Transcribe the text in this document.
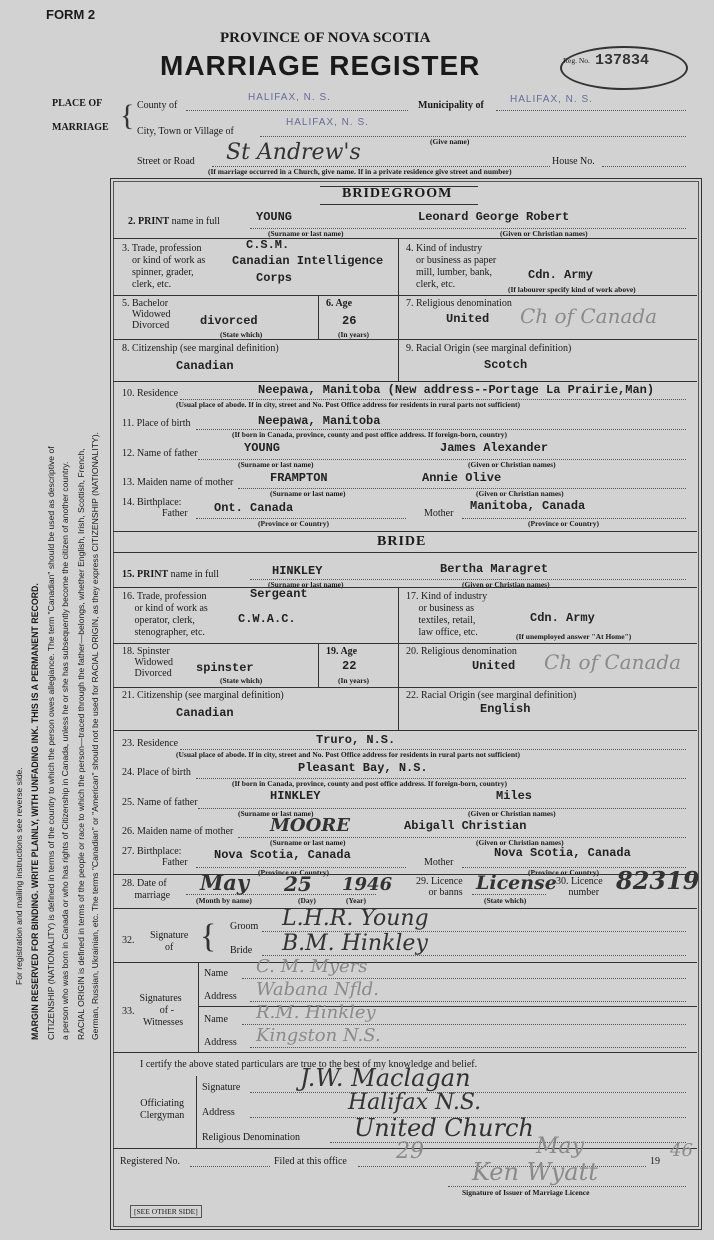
For registration and mailing instructions see reverse side. MARGIN RESERVED FOR BINDING. WRITE PLAINLY, WITH UNFADING INK. THIS IS A PERMANENT RECORD. CITIZENSHIP (NATIONALITY) is defined in terms of the country to which the person owes allegiance. The term "Canadian" should be used as descriptive of a person who was born in Canada or who has rights of Citizenship in Canada, unless he or she has subsequently become the citizen of another country. RACIAL ORIGIN is defined in terms of the people or race to which the person—traced through the father—belongs, whether English, Irish, Scottish, French, German, Russian, Ukrainian, etc. The terms "Canadian" or "American" should not be used for RACIAL ORIGIN, as they express CITIZENSHIP (NATIONALITY).
FORM 2
PROVINCE OF NOVA SCOTIA
MARRIAGE REGISTER	Reg. No. 137834
PLACE OF
MARRIAGE { County of
HALIFAX, N. S.
Municipality of
HALIFAX, N. S.
City, Town or Village of
HALIFAX, N. S.
(Give name)
Street or Road St Andrew's	House No.
(If marriage occurred in a Church, give name. If in a private residence give street and number)
BRIDEGROOM
2. PRINT name in full	YOUNG	Leonard George Robert
(Surname or last name)	(Given or Christian names)
3. Trade, profession
or kind of work as
spinner, grader,
clerk, etc.
C.S.M.
Canadian Intelligence
Corps
4. Kind of industry
or business as paper
mill, lumber, bank,
clerk, etc.
Cdn. Army
(If labourer specify kind of work above)
5. Bachelor
Widowed
Divorced	divorced
(State which)
6. Age
26
(In years)
7. Religious denomination
United Ch of Canada
8. Citizenship (see marginal definition)
Canadian
9. Racial Origin (see marginal definition)
Scotch
10. Residence	Neepawa, Manitoba (New address--Portage La Prairie,Man)
(Usual place of abode. If in city, street and No. Post Office address for residents in rural parts not sufficient)
11. Place of birth	Neepawa, Manitoba
(If born in Canada, province, county and post office address. If foreign-born, country)
12. Name of father	YOUNG	James Alexander
(Surname or last name)	(Given or Christian names)
13. Maiden name of mother	FRAMPTON	Annie Olive
(Surname or last name)	(Given or Christian names)
14. Birthplace:
Father Ont. Canada
(Province or Country)
Mother
Manitoba, Canada
(Province or Country)
BRIDE
15. PRINT name in full	HINKLEY	Bertha Maragret
(Surname or last name)	(Given or Christian names)
16. Trade, profession
or kind of work as
operator, clerk,
stenographer, etc.
Sergeant
C.W.A.C.
17. Kind of industry
or business as
textiles, retail,
law office, etc.
Cdn. Army
(If unemployed answer "At Home")
18. Spinster
Widowed
Divorced spinster
(State which)
19. Age
22
(In years)
20. Religious denomination
United Ch of Canada
21. Citizenship (see marginal definition)
Canadian
22. Racial Origin (see marginal definition)
English
23. Residence	Truro, N.S.
(Usual place of abode. If in city, street and No. Post Office address for residents in rural parts not sufficient)
24. Place of birth	Pleasant Bay, N.S.
(If born in Canada, province, county and post office address. If foreign-born, country)
25. Name of father	HINKLEY	Miles
(Surname or last name)	(Given or Christian names)
26. Maiden name of mother MOORE	Abigall Christian
(Surname or last name)	(Given or Christian names)
27. Birthplace:
Father
Nova Scotia, Canada
(Province or Country)
Mother
Nova Scotia, Canada
(Province or Country)
28. Date of
marriage
May 25 1946
(Month by name)	(Day)	(Year)
29. Licence
or banns License
(State which)
30. Licence
number 82319
32. Signature
of { Groom L.H.R. Young
Bride B.M. Hinkley
33.
Signatures
of -
Witnesses
Name C. M. Myers
Address Wabana Nfld.
Name R.M. Hinkley
Address Kingston N.S.
I certify the above stated particulars are true to the best of my knowledge and belief.
Officiating
Clergyman
Signature J.W. Maclagan
Address	Halifax N.S.
Religious Denomination United Church
Registered No.	Filed at this office 29	May
19
46
Ken Wyatt
Signature of Issuer of Marriage Licence
[SEE OTHER SIDE]
